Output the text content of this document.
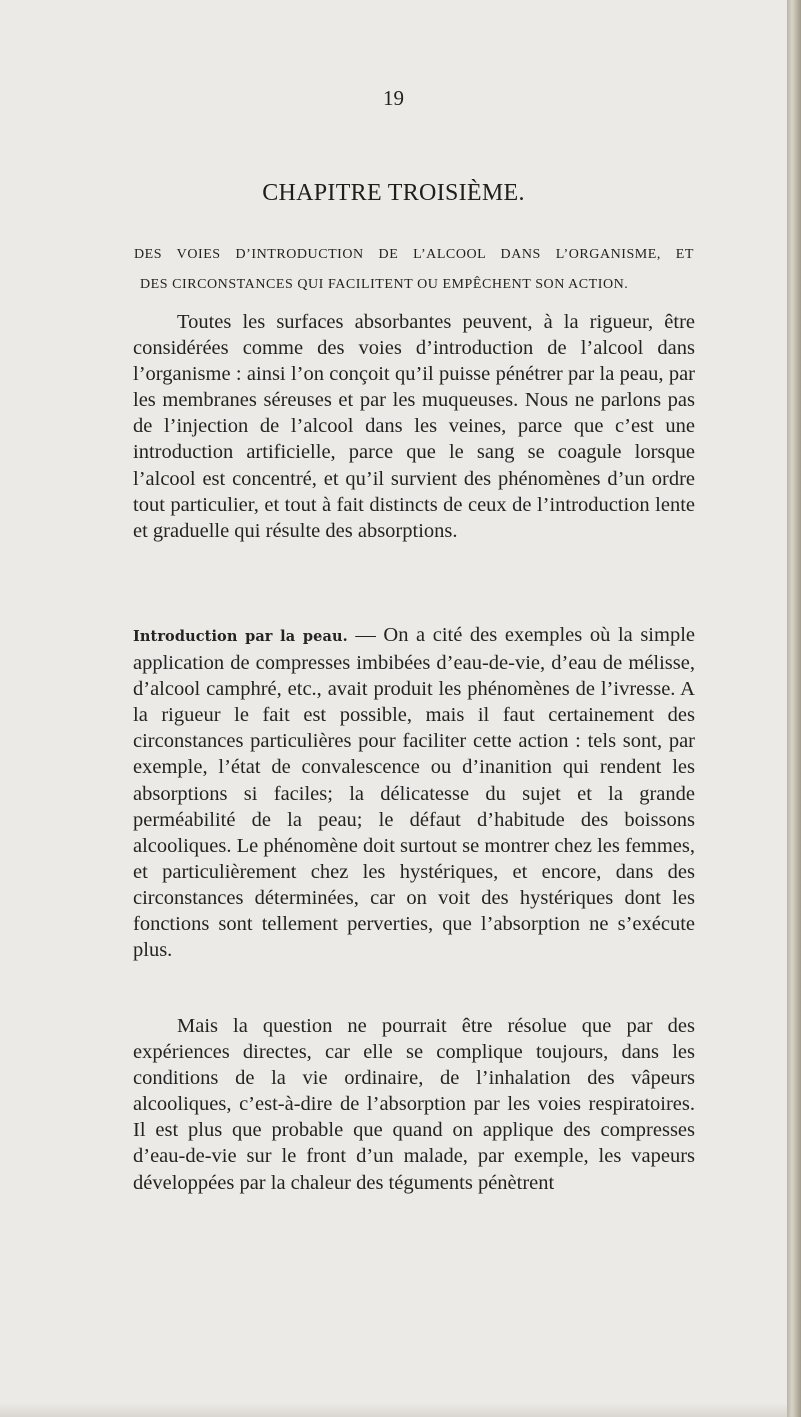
19
CHAPITRE TROISIÈME.
DES VOIES D’INTRODUCTION DE L’ALCOOL DANS L’ORGANISME, ET
DES CIRCONSTANCES QUI FACILITENT OU EMPÊCHENT SON ACTION.
Toutes les surfaces absorbantes peuvent, à la rigueur, être considérées comme des voies d’introduction de l’alcool dans l’organisme : ainsi l’on conçoit qu’il puisse pénétrer par la peau, par les membranes séreuses et par les muqueuses. Nous ne parlons pas de l’injection de l’alcool dans les veines, parce que c’est une introduction artificielle, parce que le sang se coagule lorsque l’alcool est concentré, et qu’il survient des phénomènes d’un ordre tout particulier, et tout à fait distincts de ceux de l’introduction lente et graduelle qui résulte des absorptions.
Introduction par la peau. — On a cité des exemples où la simple application de compresses imbibées d’eau-de-vie, d’eau de mélisse, d’alcool camphré, etc., avait produit les phénomènes de l’ivresse. A la rigueur le fait est possible, mais il faut certainement des circonstances particulières pour faciliter cette action : tels sont, par exemple, l’état de convalescence ou d’inanition qui rendent les absorptions si faciles; la délicatesse du sujet et la grande perméabilité de la peau; le défaut d’habitude des boissons alcooliques. Le phénomène doit surtout se montrer chez les femmes, et particulièrement chez les hystériques, et encore, dans des circonstances déterminées, car on voit des hystériques dont les fonctions sont tellement perverties, que l’absorption ne s’exécute plus.
Mais la question ne pourrait être résolue que par des expériences directes, car elle se complique toujours, dans les conditions de la vie ordinaire, de l’inhalation des vâpeurs alcooliques, c’est-à-dire de l’absorption par les voies respiratoires. Il est plus que probable que quand on applique des compresses d’eau-de-vie sur le front d’un malade, par exemple, les vapeurs développées par la chaleur des téguments pénètrent
